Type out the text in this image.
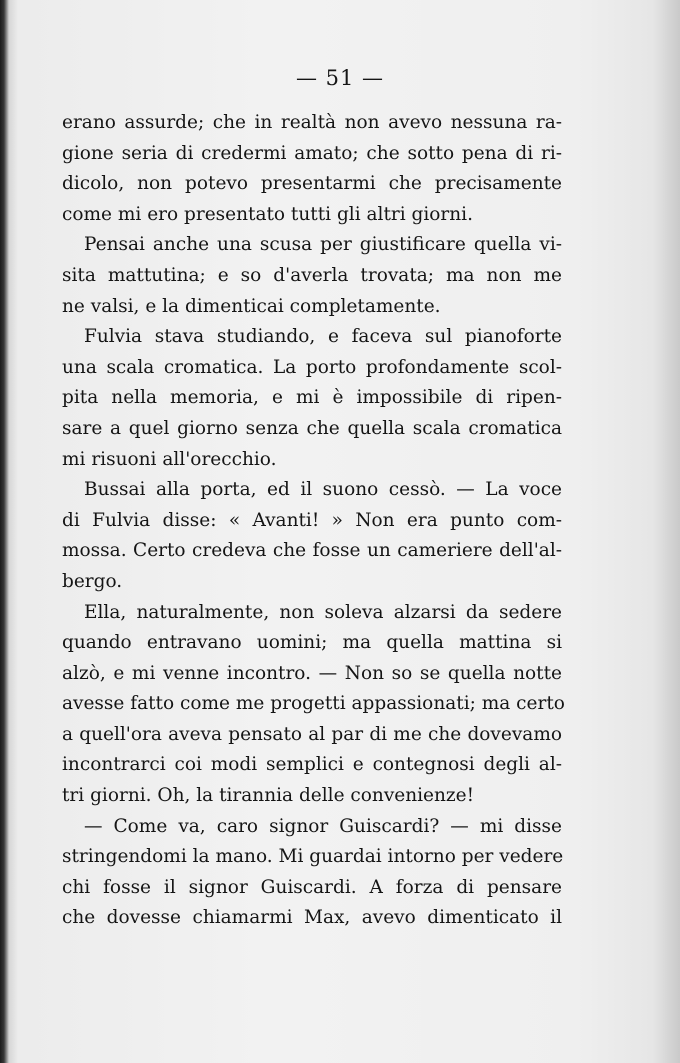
— 51 —
erano assurde; che in realtà non avevo nessuna ra-
gione seria di credermi amato; che sotto pena di ri-
dicolo, non potevo presentarmi che precisamente
come mi ero presentato tutti gli altri giorni.
Pensai anche una scusa per giustificare quella vi-
sita mattutina; e so d'averla trovata; ma non me
ne valsi, e la dimenticai completamente.
Fulvia stava studiando, e faceva sul pianoforte
una scala cromatica. La porto profondamente scol-
pita nella memoria, e mi è impossibile di ripen-
sare a quel giorno senza che quella scala cromatica
mi risuoni all'orecchio.
Bussai alla porta, ed il suono cessò. — La voce
di Fulvia disse: « Avanti! » Non era punto com-
mossa. Certo credeva che fosse un cameriere dell'al-
bergo.
Ella, naturalmente, non soleva alzarsi da sedere
quando entravano uomini; ma quella mattina si
alzò, e mi venne incontro. — Non so se quella notte
avesse fatto come me progetti appassionati; ma certo
a quell'ora aveva pensato al par di me che dovevamo
incontrarci coi modi semplici e contegnosi degli al-
tri giorni. Oh, la tirannia delle convenienze!
— Come va, caro signor Guiscardi? — mi disse
stringendomi la mano. Mi guardai intorno per vedere
chi fosse il signor Guiscardi. A forza di pensare
che dovesse chiamarmi Max, avevo dimenticato il
